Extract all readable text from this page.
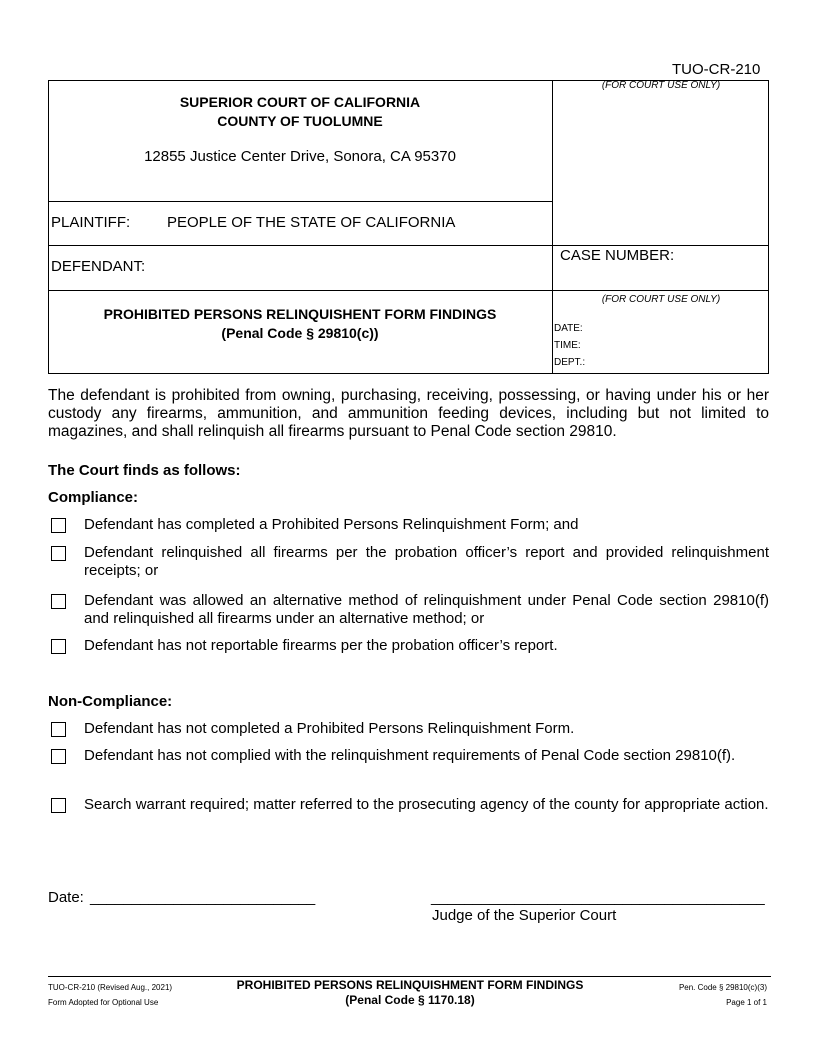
TUO-CR-210
(FOR COURT USE ONLY)
SUPERIOR COURT OF CALIFORNIA
COUNTY OF TUOLUMNE
12855 Justice Center Drive, Sonora, CA 95370
PLAINTIFF: PEOPLE OF THE STATE OF CALIFORNIA
DEFENDANT:
CASE NUMBER:
(FOR COURT USE ONLY)
PROHIBITED PERSONS RELINQUISHENT FORM FINDINGS
(Penal Code § 29810(c))	DATE:
TIME:
DEPT.:
The defendant is prohibited from owning, purchasing, receiving, possessing, or having under his or her custody any firearms, ammunition, and ammunition feeding devices, including but not limited to magazines, and shall relinquish all firearms pursuant to Penal Code section 29810.
The Court finds as follows:
Compliance:
Defendant has completed a Prohibited Persons Relinquishment Form; and
Defendant relinquished all firearms per the probation officer’s report and provided relinquishment receipts; or
Defendant was allowed an alternative method of relinquishment under Penal Code section 29810(f) and relinquished all firearms under an alternative method; or
Defendant has not reportable firearms per the probation officer’s report.
Non-Compliance:
Defendant has not completed a Prohibited Persons Relinquishment Form.
Defendant has not complied with the relinquishment requirements of Penal Code section 29810(f).
Search warrant required; matter referred to the prosecuting agency of the county for appropriate action.
Date: ___________________________	________________________________________
Judge of the Superior Court
TUO-CR-210 (Revised Aug., 2021)
Form Adopted for Optional Use
PROHIBITED PERSONS RELINQUISHMENT FORM FINDINGS
(Penal Code § 1170.18)
Pen. Code § 29810(c)(3)
Page 1 of 1
